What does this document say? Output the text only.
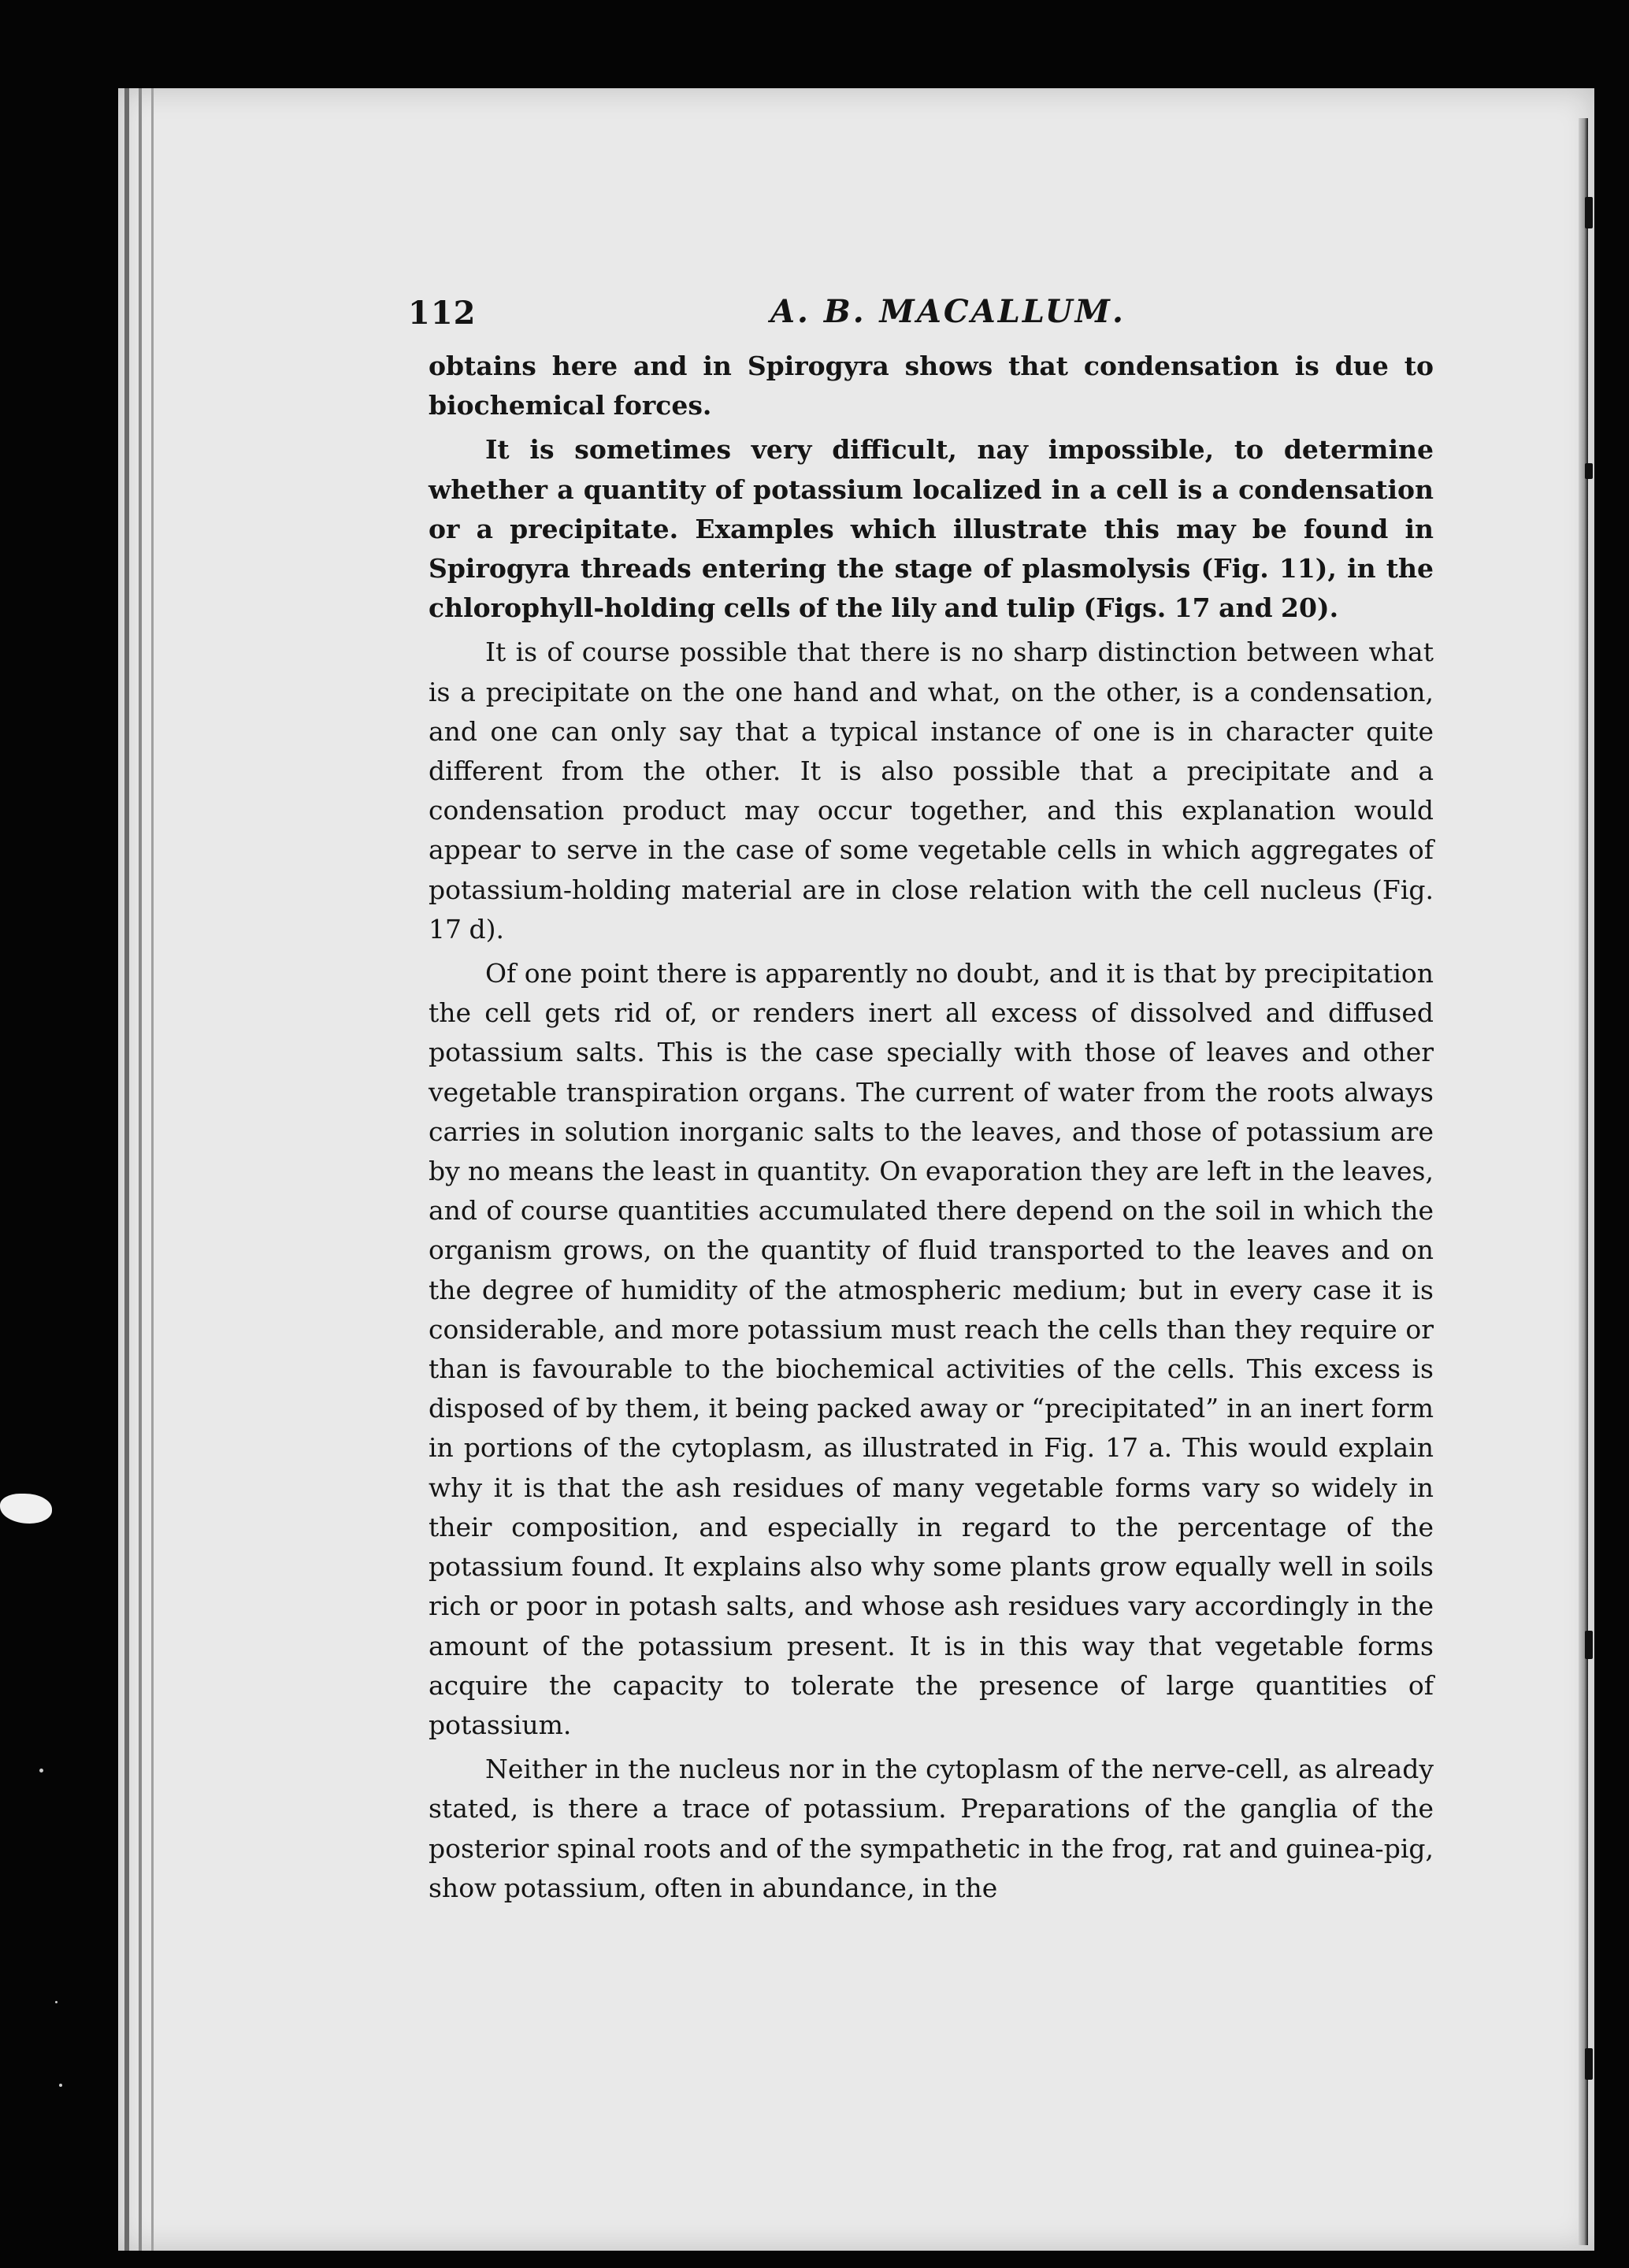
112	A. B. MACALLUM.

obtains here and in Spirogyra shows that condensation is due to biochemical forces.

It is sometimes very difficult, nay impossible, to determine whether a quantity of potassium localized in a cell is a condensation or a precipitate. Examples which illustrate this may be found in Spirogyra threads entering the stage of plasmolysis (Fig. 11), in the chlorophyll-holding cells of the lily and tulip (Figs. 17 and 20).

It is of course possible that there is no sharp distinction between what is a precipitate on the one hand and what, on the other, is a condensation, and one can only say that a typical instance of one is in character quite different from the other. It is also possible that a precipitate and a condensation product may occur together, and this explanation would appear to serve in the case of some vegetable cells in which aggregates of potassium-holding material are in close relation with the cell nucleus (Fig. 17 d).

Of one point there is apparently no doubt, and it is that by precipitation the cell gets rid of, or renders inert all excess of dissolved and diffused potassium salts. This is the case specially with those of leaves and other vegetable transpiration organs. The current of water from the roots always carries in solution inorganic salts to the leaves, and those of potassium are by no means the least in quantity. On evaporation they are left in the leaves, and of course quantities accumulated there depend on the soil in which the organism grows, on the quantity of fluid transported to the leaves and on the degree of humidity of the atmospheric medium; but in every case it is considerable, and more potassium must reach the cells than they require or than is favourable to the biochemical activities of the cells. This excess is disposed of by them, it being packed away or “precipitated” in an inert form in portions of the cytoplasm, as illustrated in Fig. 17 a. This would explain why it is that the ash residues of many vegetable forms vary so widely in their composition, and especially in regard to the percentage of the potassium found. It explains also why some plants grow equally well in soils rich or poor in potash salts, and whose ash residues vary accordingly in the amount of the potassium present. It is in this way that vegetable forms acquire the capacity to tolerate the presence of large quantities of potassium.

Neither in the nucleus nor in the cytoplasm of the nerve-cell, as already stated, is there a trace of potassium. Preparations of the ganglia of the posterior spinal roots and of the sympathetic in the frog, rat and guinea-pig, show potassium, often in abundance, in the
